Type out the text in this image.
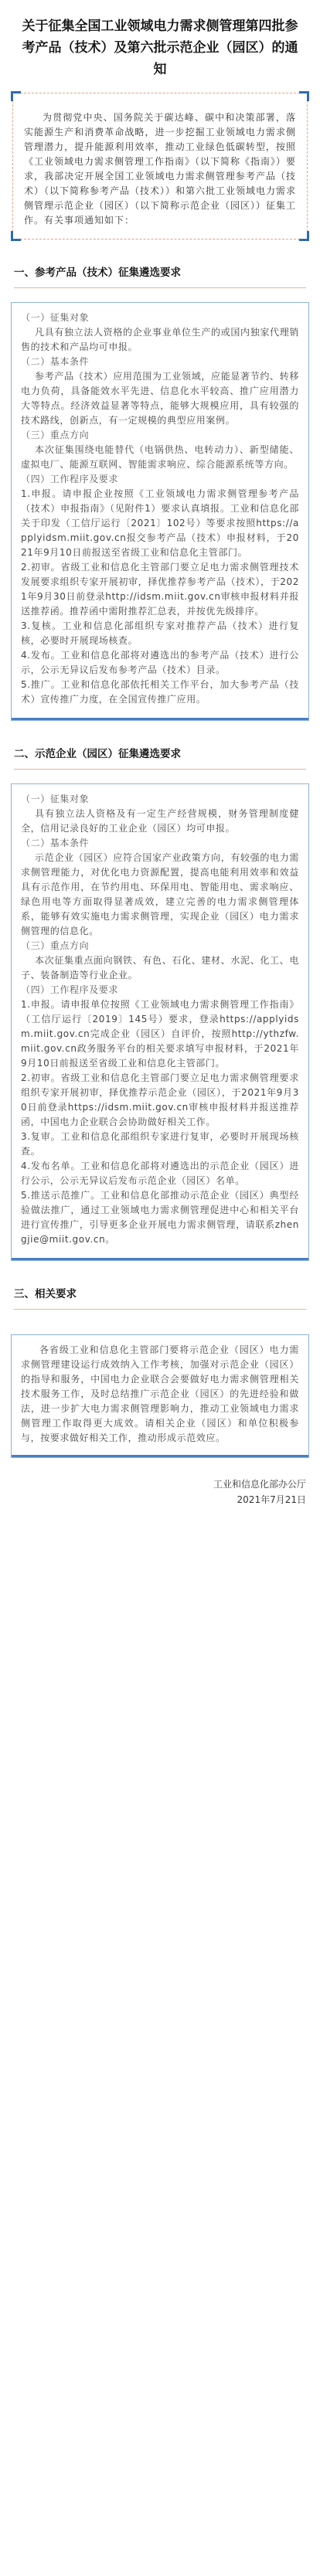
关于征集全国工业领域电力需求侧管理第四批参考产品（技术）及第六批示范企业（园区）的通知
为贯彻党中央、国务院关于碳达峰、碳中和决策部署，落实能源生产和消费革命战略，进一步挖掘工业领域电力需求侧管理潜力，提升能源利用效率，推动工业绿色低碳转型，按照《工业领域电力需求侧管理工作指南》（以下简称《指南》）要求，我部决定开展全国工业领域电力需求侧管理参考产品（技术）（以下简称参考产品（技术））和第六批工业领域电力需求侧管理示范企业（园区）（以下简称示范企业（园区））征集工作。有关事项通知如下：
一、参考产品（技术）征集遴选要求

（一）征集对象

凡具有独立法人资格的企业事业单位生产的或国内独家代理销售的技术和产品均可申报。

（二）基本条件

参考产品（技术）应用范围为工业领域，应能显著节约、转移电力负荷，具备能效水平先进、信息化水平较高、推广应用潜力大等特点。经济效益显著等特点，能够大规模应用，具有较强的技术路线，创新点，有一定规模的典型应用案例。

（三）重点方向

本次征集围绕电能替代（电锅供热、电转动力）、新型储能、虚拟电厂、能源互联网、智能需求响应、综合能源系统等方向。

（四）工作程序及要求

1.申报。请申报企业按照《工业领域电力需求侧管理参考产品（技术）申报指南》（见附件1）要求认真填报。工业和信息化部关于印发（工信厅运行〔2021〕102号）等要求按照https://applyidsm.miit.gov.cn报交参考产品（技术）申报材料，于2021年9月10日前报送至省级工业和信息化主管部门。

2.初审。省级工业和信息化主管部门要立足电力需求侧管理技术发展要求组织专家开展初审，择优推荐参考产品（技术），于2021年9月30日前登录http://idsm.miit.gov.cn审核申报材料并报送推荐函。推荐函中需附推荐汇总表，并按优先级排序。

3.复核。工业和信息化部组织专家对推荐产品（技术）进行复核，必要时开展现场核查。

4.发布。工业和信息化部将对遴选出的参考产品（技术）进行公示，公示无异议后发布参考产品（技术）目录。

5.推广。工业和信息化部依托相关工作平台，加大参考产品（技术）宣传推广力度，在全国宣传推广应用。

二、示范企业（园区）征集遴选要求

（一）征集对象

具有独立法人资格及有一定生产经营规模，财务管理制度健全，信用记录良好的工业企业（园区）均可申报。

（二）基本条件

示范企业（园区）应符合国家产业政策方向，有较强的电力需求侧管理能力，对优化电力资源配置，提高电能利用效率和效益具有示范作用，在节约用电、环保用电、智能用电、需求响应、绿色用电等方面取得显著成效，建立完善的电力需求侧管理体系，能够有效实施电力需求侧管理，实现企业（园区）电力需求侧管理的信息化。

（三）重点方向

本次征集重点面向钢铁、有色、石化、建材、水泥、化工、电子、装备制造等行业企业。

（四）工作程序及要求

1.申报。请申报单位按照《工业领域电力需求侧管理工作指南》（工信厅运行〔2019〕145号）要求，登录https://applyidsm.miit.gov.cn完成企业（园区）自评价，按照http://ythzfw.miit.gov.cn政务服务平台的相关要求填写申报材料，于2021年9月10日前报送至省级工业和信息化主管部门。

2.初审。省级工业和信息化主管部门要立足电力需求侧管理要求组织专家开展初审，择优推荐示范企业（园区），于2021年9月30日前登录https://idsm.miit.gov.cn审核申报材料并报送推荐函，中国电力企业联合会协助做好相关工作。

3.复审。工业和信息化部组织专家进行复审，必要时开展现场核查。

4.发布名单。工业和信息化部将对遴选出的示范企业（园区）进行公示，公示无异议后发布示范企业（园区）名单。

5.推送示范推广。工业和信息化部推动示范企业（园区）典型经验做法推广，通过工业领域电力需求侧管理促进中心和相关平台进行宣传推广，引导更多企业开展电力需求侧管理，请联系zhengjie@miit.gov.cn。

三、相关要求

各省级工业和信息化主管部门要将示范企业（园区）电力需求侧管理建设运行成效纳入工作考核，加强对示范企业（园区）的指导和服务，中国电力企业联合会要做好电力需求侧管理相关技术服务工作，及时总结推广示范企业（园区）的先进经验和做法，进一步扩大电力需求侧管理影响力，推动工业领域电力需求侧管理工作取得更大成效。请相关企业（园区）和单位积极参与，按要求做好相关工作，推动形成示范效应。

工业和信息化部办公厅
2021年7月21日
